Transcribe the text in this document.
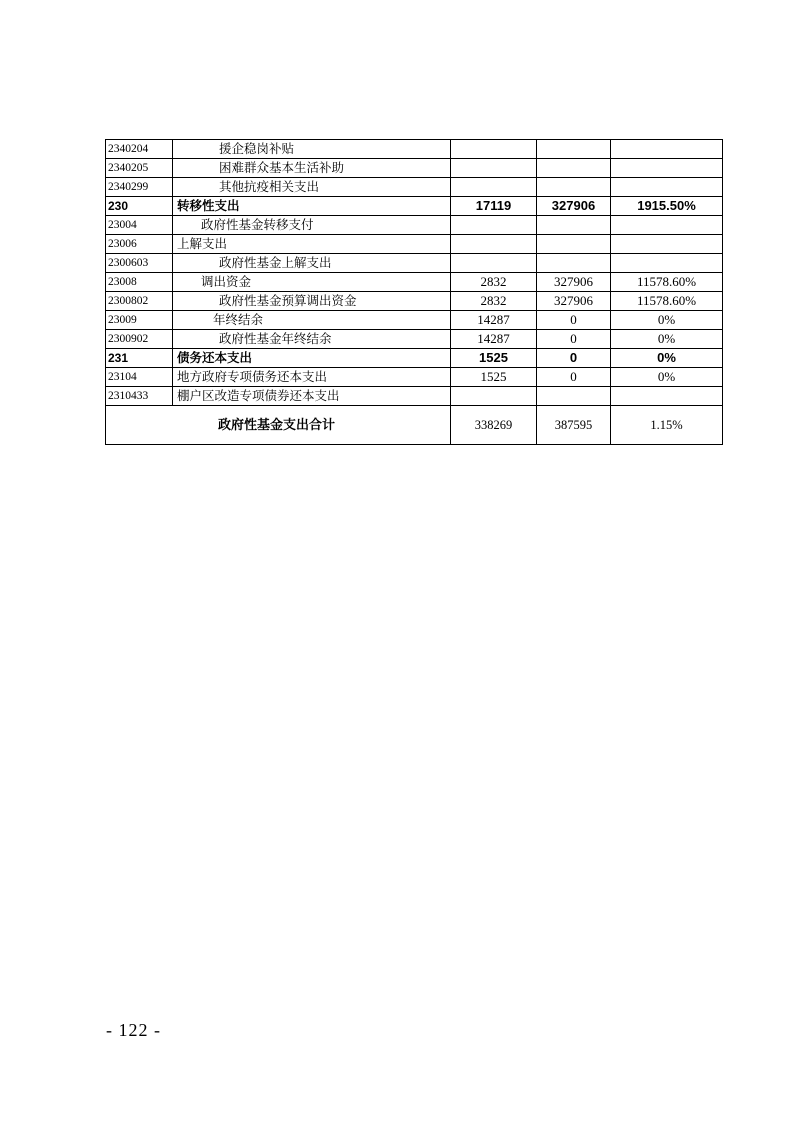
2340204	援企稳岗补贴			
2340205	困难群众基本生活补助			
2340299	其他抗疫相关支出			
230	转移性支出	17119	327906	1915.50%
23004	政府性基金转移支付			
23006	上解支出			
2300603	政府性基金上解支出			
23008	调出资金	2832	327906	11578.60%
2300802	政府性基金预算调出资金	2832	327906	11578.60%
23009	年终结余	14287	0	0%
2300902	政府性基金年终结余	14287	0	0%
231	债务还本支出	1525	0	0%
23104	地方政府专项债务还本支出	1525	0	0%
2310433	棚户区改造专项债券还本支出			
政府性基金支出合计		338269	387595	1.15%
- 122 -
